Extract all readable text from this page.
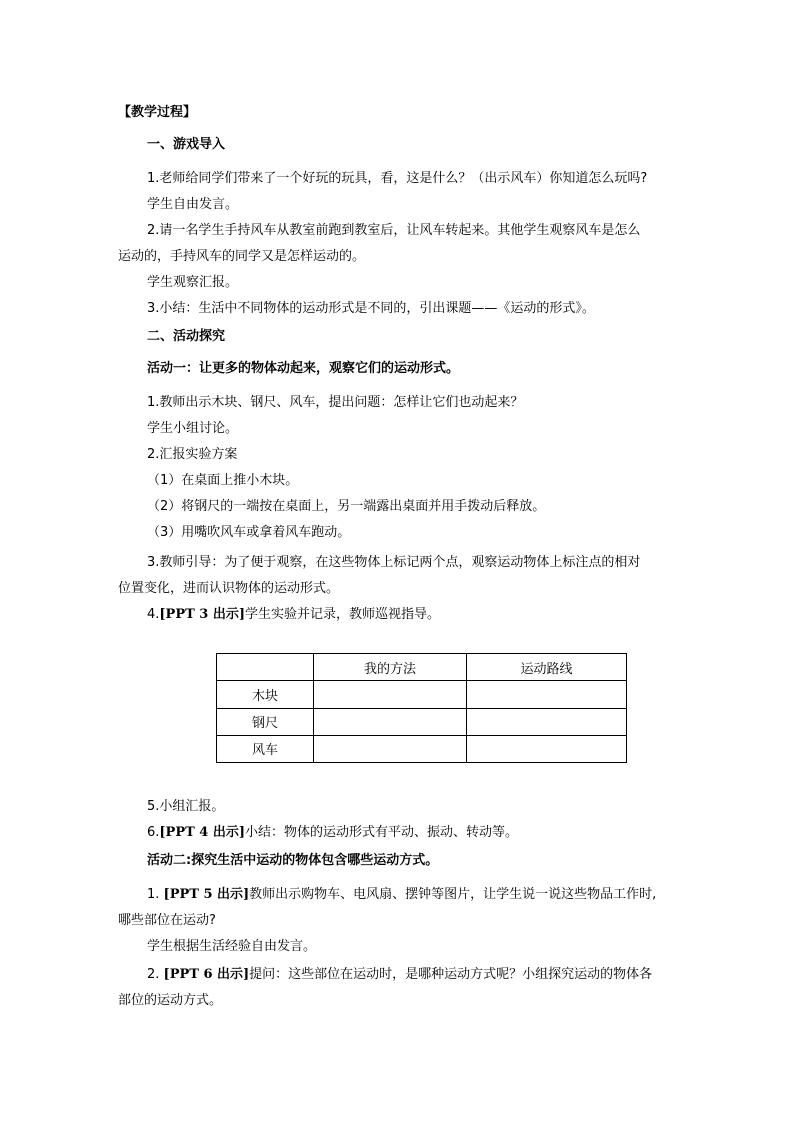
【教学过程】
一、游戏导入
1.老师给同学们带来了一个好玩的玩具，看，这是什么？（出示风车）你知道怎么玩吗?
学生自由发言。
2.请一名学生手持风车从教室前跑到教室后，让风车转起来。其他学生观察风车是怎么
运动的，手持风车的同学又是怎样运动的。
学生观察汇报。
3.小结：生活中不同物体的运动形式是不同的，引出课题——《运动的形式》。
二、活动探究
活动一：让更多的物体动起来，观察它们的运动形式。
1.教师出示木块、钢尺、风车，提出问题：怎样让它们也动起来？
学生小组讨论。
2.汇报实验方案
（1）在桌面上推小木块。
（2）将钢尺的一端按在桌面上，另一端露出桌面并用手拨动后释放。
（3）用嘴吹风车或拿着风车跑动。
3.教师引导：为了便于观察，在这些物体上标记两个点，观察运动物体上标注点的相对
位置变化，进而认识物体的运动形式。
4.[PPT 3 出示]学生实验并记录，教师巡视指导。
	我的方法	运动路线
木块		
钢尺		
风车		
5.小组汇报。
6.[PPT 4 出示]小结：物体的运动形式有平动、振动、转动等。
活动二:探究生活中运动的物体包含哪些运动方式。
1. [PPT 5 出示]教师出示购物车、电风扇、摆钟等图片，让学生说一说这些物品工作时,
哪些部位在运动?
学生根据生活经验自由发言。
2. [PPT 6 出示]提问：这些部位在运动时，是哪种运动方式呢？小组探究运动的物体各
部位的运动方式。
